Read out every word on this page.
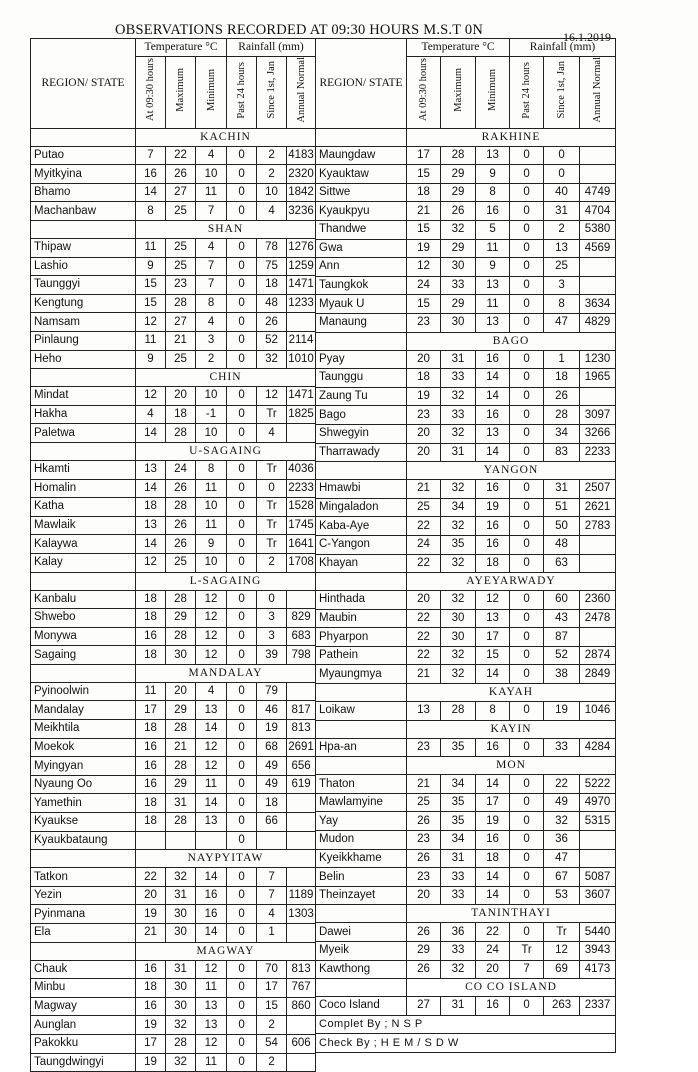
OBSERVATIONS RECORDED AT 09:30 HOURS M.S.T 0N	16.1.2019
REGION/ STATE	Temperature °C			Rainfall (mm)		
	At 09:30 hours	Maximum	Minimum	Past 24 hours	Since 1st, Jan	Annual Normal
	KACHIN					
Putao	7	22	4	0	2	4183
Myitkyina	16	26	10	0	2	2320
Bhamo	14	27	11	0	10	1842
Machanbaw	8	25	7	0	4	3236
	SHAN					
Thipaw	11	25	4	0	78	1276
Lashio	9	25	7	0	75	1259
Taunggyi	15	23	7	0	18	1471
Kengtung	15	28	8	0	48	1233
Namsam	12	27	4	0	26	
Pinlaung	11	21	3	0	52	2114
Heho	9	25	2	0	32	1010
	CHIN					
Mindat	12	20	10	0	12	1471
Hakha	4	18	-1	0	Tr	1825
Paletwa	14	28	10	0	4	
	U-SAGAING					
Hkamti	13	24	8	0	Tr	4036
Homalin	14	26	11	0	0	2233
Katha	18	28	10	0	Tr	1528
Mawlaik	13	26	11	0	Tr	1745
Kalaywa	14	26	9	0	Tr	1641
Kalay	12	25	10	0	2	1708
	L-SAGAING					
Kanbalu	18	28	12	0	0	
Shwebo	18	29	12	0	3	829
Monywa	16	28	12	0	3	683
Sagaing	18	30	12	0	39	798
	MANDALAY					
Pyinoolwin	11	20	4	0	79	
Mandalay	17	29	13	0	46	817
Meikhtila	18	28	14	0	19	813
Moekok	16	21	12	0	68	2691
Myingyan	16	28	12	0	49	656
Nyaung Oo	16	29	11	0	49	619
Yamethin	18	31	14	0	18	
Kyaukse	18	28	13	0	66	
Kyaukbataung				0		
	NAYPYITAW					
Tatkon	22	32	14	0	7	
Yezin	20	31	16	0	7	1189
Pyinmana	19	30	16	0	4	1303
Ela	21	30	14	0	1	
	MAGWAY					
Chauk	16	31	12	0	70	813
Minbu	18	30	11	0	17	767
Magway	16	30	13	0	15	860
Aunglan	19	32	13	0	2	
Pakokku	17	28	12	0	54	606
Taungdwingyi	19	32	11	0	2	
REGION/ STATE	Temperature °C			Rainfall (mm)		
	At 09:30 hours	Maximum	Minimum	Past 24 hours	Since 1st, Jan	Annual Normal
	RAKHINE					
Maungdaw	17	28	13	0	0	
Kyauktaw	15	29	9	0	0	
Sittwe	18	29	8	0	40	4749
Kyaukpyu	21	26	16	0	31	4704
Thandwe	15	32	5	0	2	5380
Gwa	19	29	11	0	13	4569
Ann	12	30	9	0	25	
Taungkok	24	33	13	0	3	
Myauk U	15	29	11	0	8	3634
Manaung	23	30	13	0	47	4829
	BAGO					
Pyay	20	31	16	0	1	1230
Taunggu	18	33	14	0	18	1965
Zaung Tu	19	32	14	0	26	
Bago	23	33	16	0	28	3097
Shwegyin	20	32	13	0	34	3266
Tharrawady	20	31	14	0	83	2233
	YANGON					
Hmawbi	21	32	16	0	31	2507
Mingaladon	25	34	19	0	51	2621
Kaba-Aye	22	32	16	0	50	2783
C-Yangon	24	35	16	0	48	
Khayan	22	32	18	0	63	
	AYEYARWADY					
Hinthada	20	32	12	0	60	2360
Maubin	22	30	13	0	43	2478
Phyarpon	22	30	17	0	87	
Pathein	22	32	15	0	52	2874
Myaungmya	21	32	14	0	38	2849
	KAYAH					
Loikaw	13	28	8	0	19	1046
	KAYIN					
Hpa-an	23	35	16	0	33	4284
	MON					
Thaton	21	34	14	0	22	5222
Mawlamyine	25	35	17	0	49	4970
Yay	26	35	19	0	32	5315
Mudon	23	34	16	0	36	
Kyeikkhame	26	31	18	0	47	
Belin	23	33	14	0	67	5087
Theinzayet	20	33	14	0	53	3607
	TANINTHAYI					
Dawei	26	36	22	0	Tr	5440
Myeik	29	33	24	Tr	12	3943
Kawthong	26	32	20	7	69	4173
	CO CO ISLAND					
Coco Island	27	31	16	0	263	2337
Complet By ; N S P						
Check By ; H E M / S D W						
